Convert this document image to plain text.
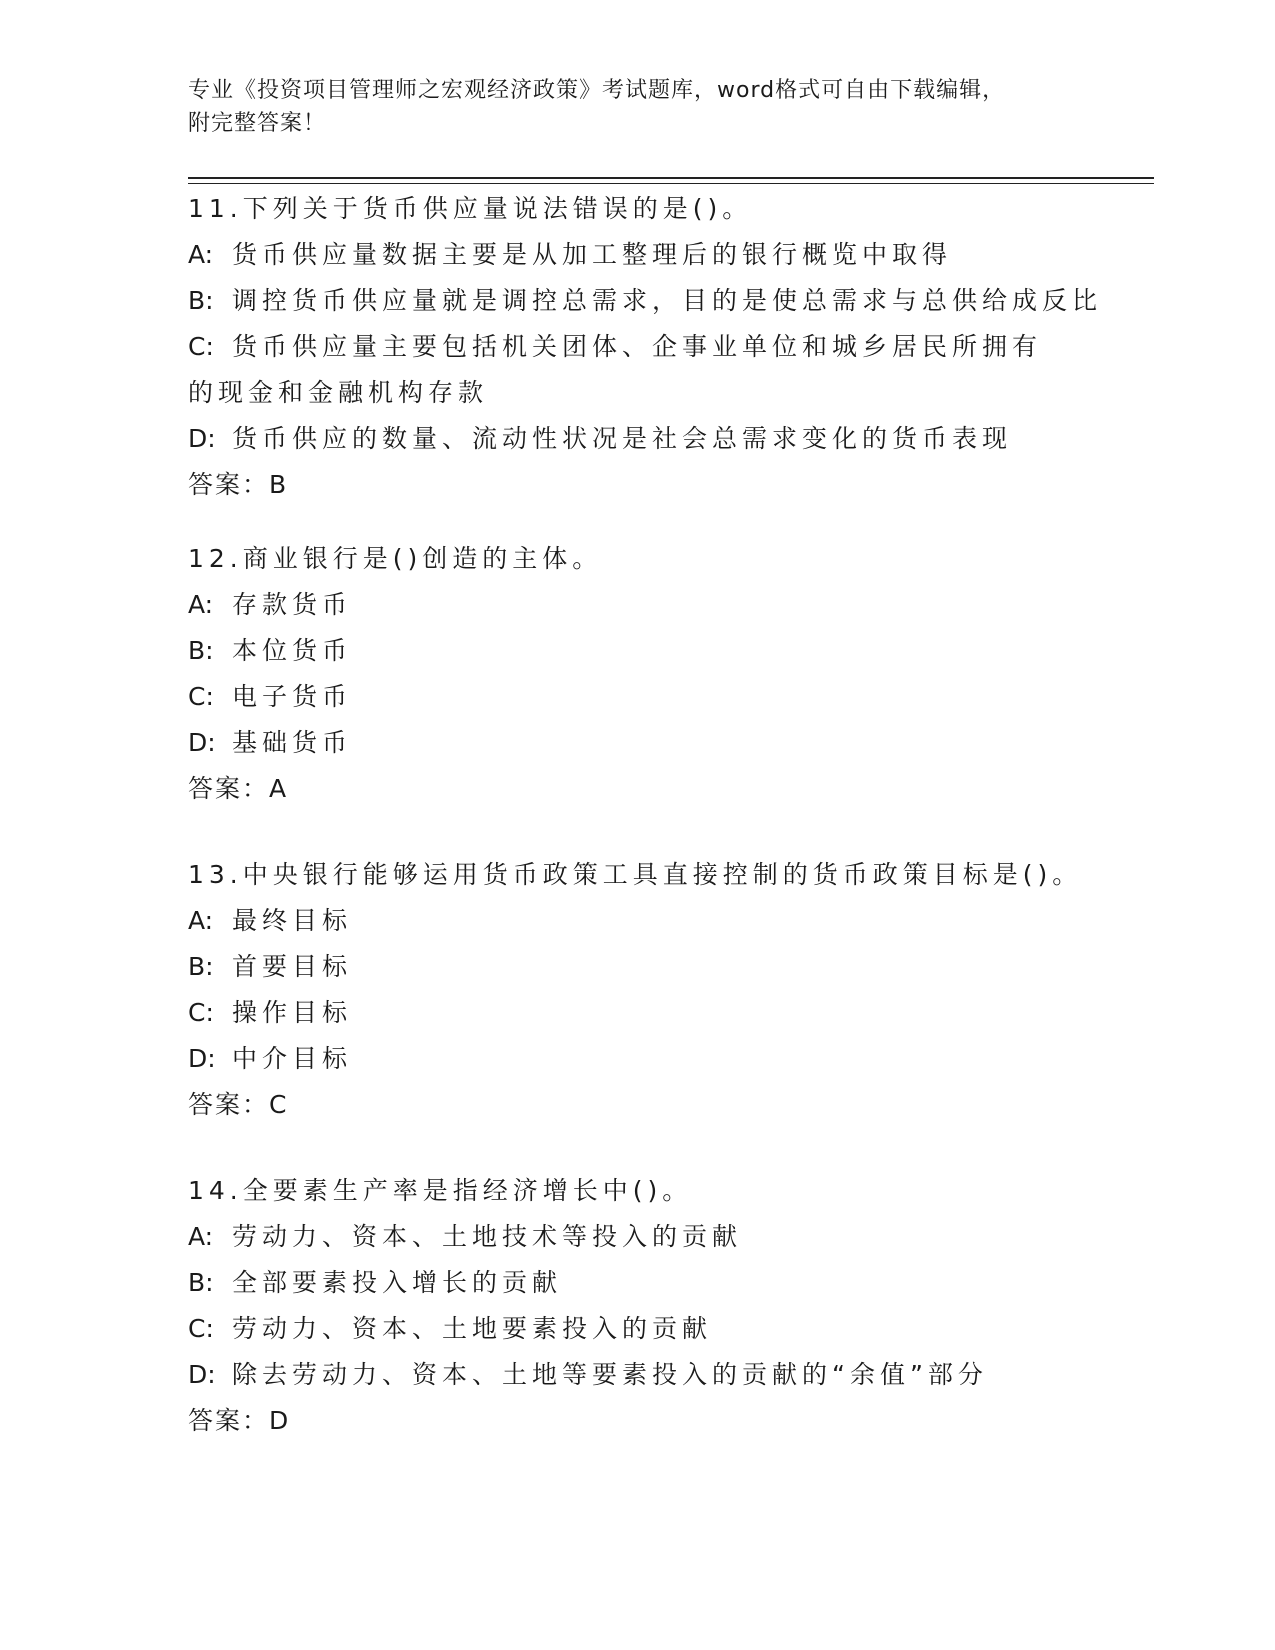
专业《投资项目管理师之宏观经济政策》考试题库，word格式可自由下载编辑，
附完整答案！
11.下列关于货币供应量说法错误的是()。
A: 货币供应量数据主要是从加工整理后的银行概览中取得
B: 调控货币供应量就是调控总需求，目的是使总需求与总供给成反比
C: 货币供应量主要包括机关团体、企事业单位和城乡居民所拥有的现金和金融机构存款
D: 货币供应的数量、流动性状况是社会总需求变化的货币表现
答案：B
12.商业银行是()创造的主体。
A: 存款货币
B: 本位货币
C: 电子货币
D: 基础货币
答案：A
13.中央银行能够运用货币政策工具直接控制的货币政策目标是()。
A: 最终目标
B: 首要目标
C: 操作目标
D: 中介目标
答案：C
14.全要素生产率是指经济增长中()。
A: 劳动力、资本、土地技术等投入的贡献
B: 全部要素投入增长的贡献
C: 劳动力、资本、土地要素投入的贡献
D: 除去劳动力、资本、土地等要素投入的贡献的“余值”部分
答案：D
